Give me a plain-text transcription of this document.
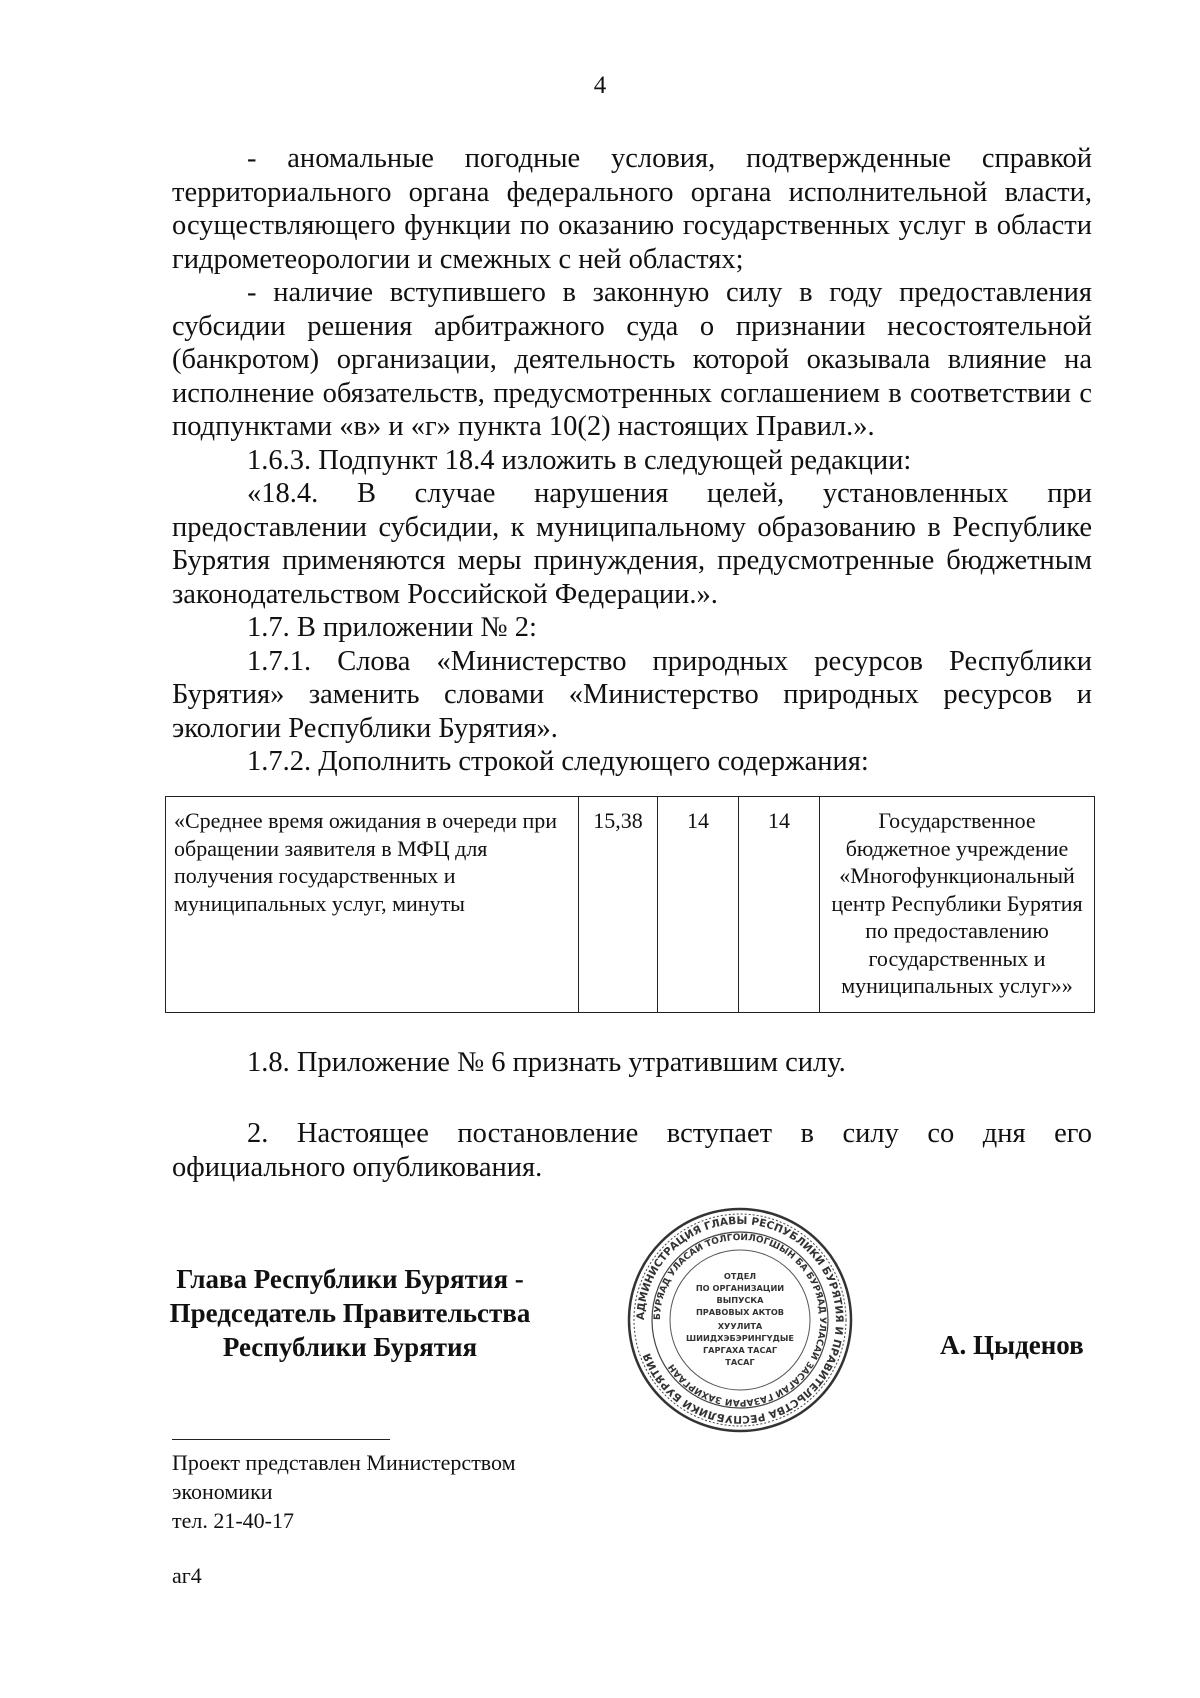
4

- аномальные погодные условия, подтвержденные справкой территориального органа федерального органа исполнительной власти, осуществляющего функции по оказанию государственных услуг в области гидрометеорологии и смежных с ней областях;

- наличие вступившего в законную силу в году предоставления субсидии решения арбитражного суда о признании несостоятельной (банкротом) организации, деятельность которой оказывала влияние на исполнение обязательств, предусмотренных соглашением в соответствии с подпунктами «в» и «г» пункта 10(2) настоящих Правил.».

1.6.3. Подпункт 18.4 изложить в следующей редакции:

«18.4. В случае нарушения целей, установленных при предоставлении субсидии, к муниципальному образованию в Республике Бурятия применяются меры принуждения, предусмотренные бюджетным законодательством Российской Федерации.».

1.7. В приложении № 2:

1.7.1. Слова «Министерство природных ресурсов Республики Бурятия» заменить словами «Министерство природных ресурсов и экологии Республики Бурятия».

1.7.2. Дополнить строкой следующего содержания:

«Среднее время ожидания в очереди при обращении заявителя в МФЦ для получения государственных и муниципальных услуг, минуты	15,38	14	14	Государственное бюджетное учреждение «Многофункциональный центр Республики Бурятия по предоставлению государственных и муниципальных услуг»»
1.8. Приложение № 6 признать утратившим силу.
2. Настоящее постановление вступает в силу со дня его официального опубликования.
Глава Республики Бурятия -
Председатель Правительства
Республики Бурятия
АДМИНИСТРАЦИЯ ГЛАВЫ РЕСПУБЛИКИ БУРЯТИЯ И ПРАВИТЕЛЬСТВА РЕСПУБЛИКИ БУРЯТИЯ
БУРЯАД УЛАСАЙ ТОЛГОЙЛОГШЫН БА БУРЯАД УЛАСАЙ ЗАСАГАЙ ГАЗАРАЙ ЗАХИРГААН
ОТДЕЛ
ПО ОРГАНИЗАЦИИ
ВЫПУСКА
ПРАВОВЫХ АКТОВ
ХУУЛИТА
ШИИДХЭБЭРИНГҮДЫЕ
ГАРГАХА ТАСАГ
ТАСАГ
А. Цыденов
Проект представлен Министерством
экономики
тел. 21-40-17
аг4
